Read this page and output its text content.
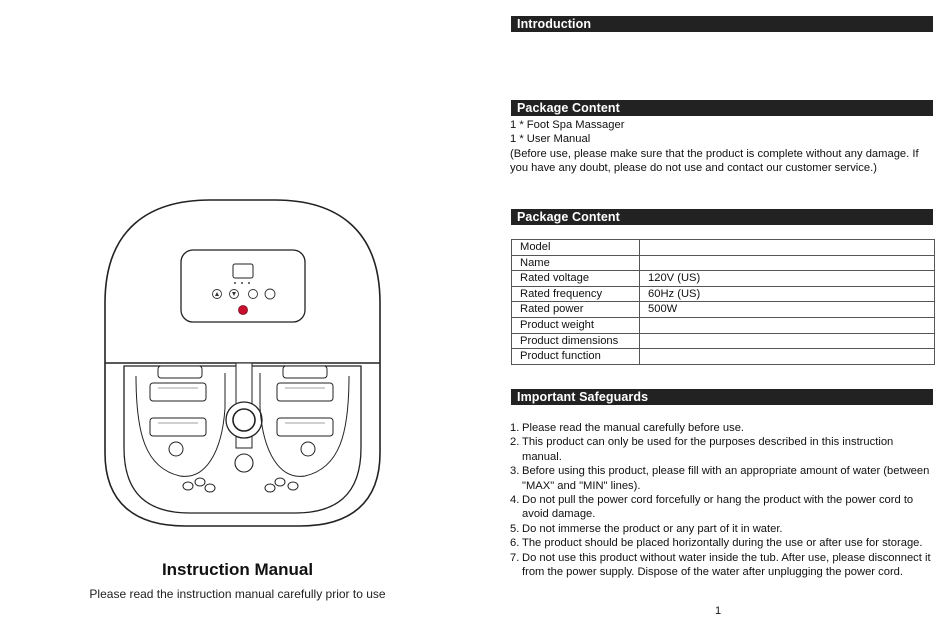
Instruction Manual
Please read the instruction manual carefully prior to use
Introduction
Package Content

1 * Foot Spa Massager

1 * User Manual

(Before use, please make sure that the product is complete without any damage. If you have any doubt, please do not use and contact our customer service.)

Package Content
Model	
Name	
Rated voltage	120V (US)
Rated frequency	60Hz (US)
Rated power	500W
Product weight	
Product dimensions	
Product function	
Important Safeguards
1. Please read the manual carefully before use.
2. This product can only be used for the purposes described in this instruction manual.
3. Before using this product, please fill with an appropriate amount of water (between "MAX" and "MIN" lines).
4. Do not pull the power cord forcefully or hang the product with the power cord to avoid damage.
5. Do not immerse the product or any part of it in water.
6. The product should be placed horizontally during the use or after use for storage.
7. Do not use this product without water inside the tub. After use, please disconnect it from the power supply. Dispose of the water after unplugging the power cord.
1
